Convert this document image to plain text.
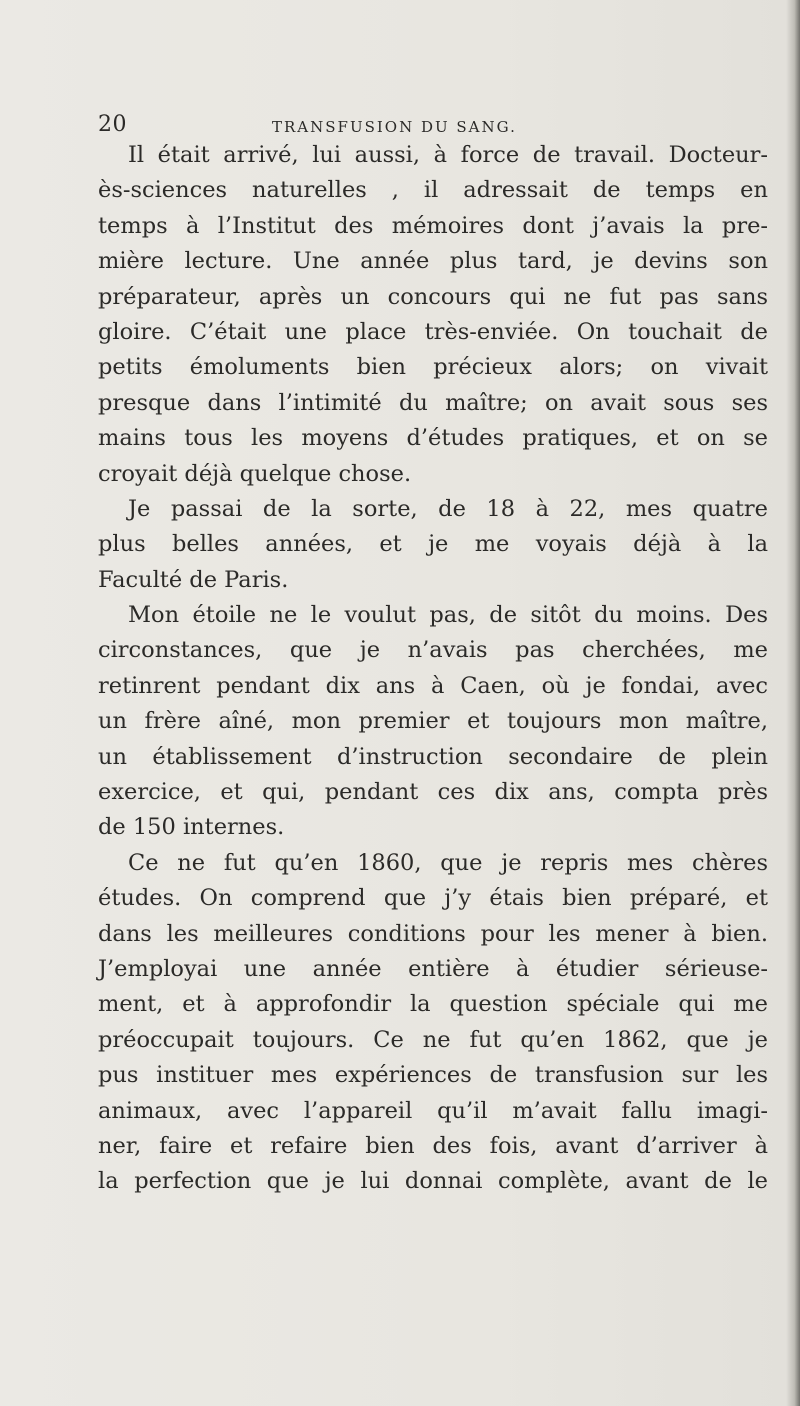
20	TRANSFUSION DU SANG.
Il était arrivé, lui aussi, à force de travail. Docteur-
ès-sciences naturelles , il adressait de temps en
temps à l’Institut des mémoires dont j’avais la pre-
mière lecture. Une année plus tard, je devins son
préparateur, après un concours qui ne fut pas sans
gloire. C’était une place très-enviée. On touchait de
petits émoluments bien précieux alors; on vivait
presque dans l’intimité du maître; on avait sous ses
mains tous les moyens d’études pratiques, et on se
croyait déjà quelque chose.
Je passai de la sorte, de 18 à 22, mes quatre
plus belles années, et je me voyais déjà à la
Faculté de Paris.
Mon étoile ne le voulut pas, de sitôt du moins. Des
circonstances, que je n’avais pas cherchées, me
retinrent pendant dix ans à Caen, où je fondai, avec
un frère aîné, mon premier et toujours mon maître,
un établissement d’instruction secondaire de plein
exercice, et qui, pendant ces dix ans, compta près
de 150 internes.
Ce ne fut qu’en 1860, que je repris mes chères
études. On comprend que j’y étais bien préparé, et
dans les meilleures conditions pour les mener à bien.
J’employai une année entière à étudier sérieuse-
ment, et à approfondir la question spéciale qui me
préoccupait toujours. Ce ne fut qu’en 1862, que je
pus instituer mes expériences de transfusion sur les
animaux, avec l’appareil qu’il m’avait fallu imagi-
ner, faire et refaire bien des fois, avant d’arriver à
la perfection que je lui donnai complète, avant de le
